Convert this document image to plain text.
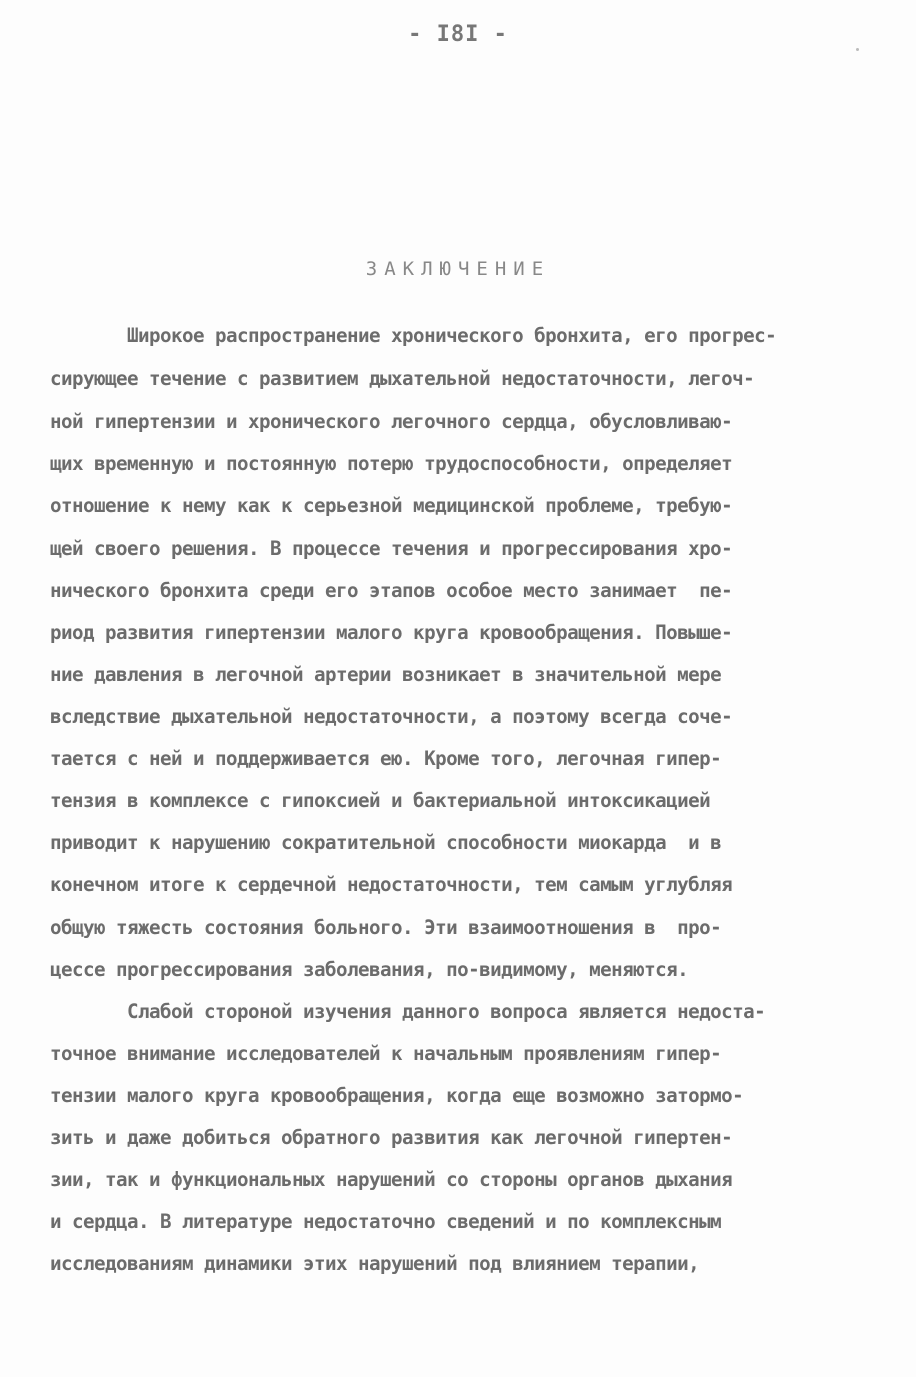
- I8I -
ЗАКЛЮЧЕНИЕ
Широкое распространение хронического бронхита, его прогрес-
сирующее течение с развитием дыхательной недостаточности, легоч-
ной гипертензии и хронического легочного сердца, обусловливаю-
щих временную и постоянную потерю трудоспособности, определяет
отношение к нему как к серьезной медицинской проблеме, требую-
щей своего решения. В процессе течения и прогрессирования хро-
нического бронхита среди его этапов особое место занимает  пе-
риод развития гипертензии малого круга кровообращения. Повыше-
ние давления в легочной артерии возникает в значительной мере
вследствие дыхательной недостаточности, а поэтому всегда соче-
тается с ней и поддерживается ею. Кроме того, легочная гипер-
тензия в комплексе с гипоксией и бактериальной интоксикацией
приводит к нарушению сократительной способности миокарда  и в
конечном итоге к сердечной недостаточности, тем самым углубляя
общую тяжесть состояния больного. Эти взаимоотношения в  про-
цессе прогрессирования заболевания, по-видимому, меняются.
Слабой стороной изучения данного вопроса является недоста-
точное внимание исследователей к начальным проявлениям гипер-
тензии малого круга кровообращения, когда еще возможно затормо-
зить и даже добиться обратного развития как легочной гипертен-
зии, так и функциональных нарушений со стороны органов дыхания
и сердца. В литературе недостаточно сведений и по комплексным
исследованиям динамики этих нарушений под влиянием терапии,
